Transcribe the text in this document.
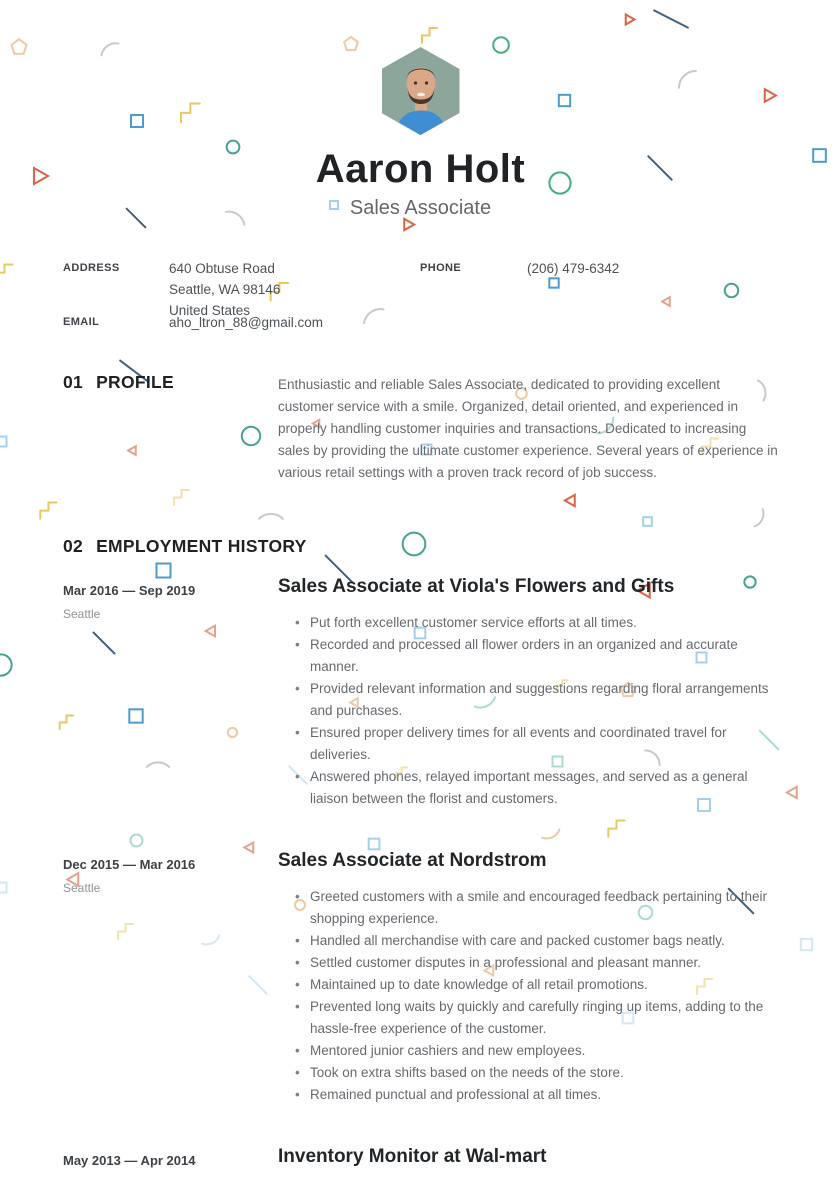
Aaron Holt
Sales Associate
ADDRESS	640 Obtuse Road
Seattle, WA 98146
United States
PHONE	(206) 479-6342
EMAIL	aho_ltron_88@gmail.com
01 PROFILE	Enthusiastic and reliable Sales Associate, dedicated to providing excellent customer service with a smile. Organized, detail oriented, and experienced in properly handling customer inquiries and transactions. Dedicated to increasing sales by providing the ultimate customer experience. Several years of experience in various retail settings with a proven track record of job success.

02 EMPLOYMENT HISTORY
Mar 2016 — Sep 2019
Seattle
Sales Associate at Viola's Flowers and Gifts
• Put forth excellent customer service efforts at all times.
• Recorded and processed all flower orders in an organized and accurate manner.
• Provided relevant information and suggestions regarding floral arrangements and purchases.
• Ensured proper delivery times for all events and coordinated travel for deliveries.
• Answered phones, relayed important messages, and served as a general liaison between the florist and customers.
Dec 2015 — Mar 2016
Seattle
Sales Associate at Nordstrom
• Greeted customers with a smile and encouraged feedback pertaining to their shopping experience.
• Handled all merchandise with care and packed customer bags neatly.
• Settled customer disputes in a professional and pleasant manner.
• Maintained up to date knowledge of all retail promotions.
• Prevented long waits by quickly and carefully ringing up items, adding to the hassle-free experience of the customer.
• Mentored junior cashiers and new employees.
• Took on extra shifts based on the needs of the store.
• Remained punctual and professional at all times.
May 2013 — Apr 2014	Inventory Monitor at Wal-mart
